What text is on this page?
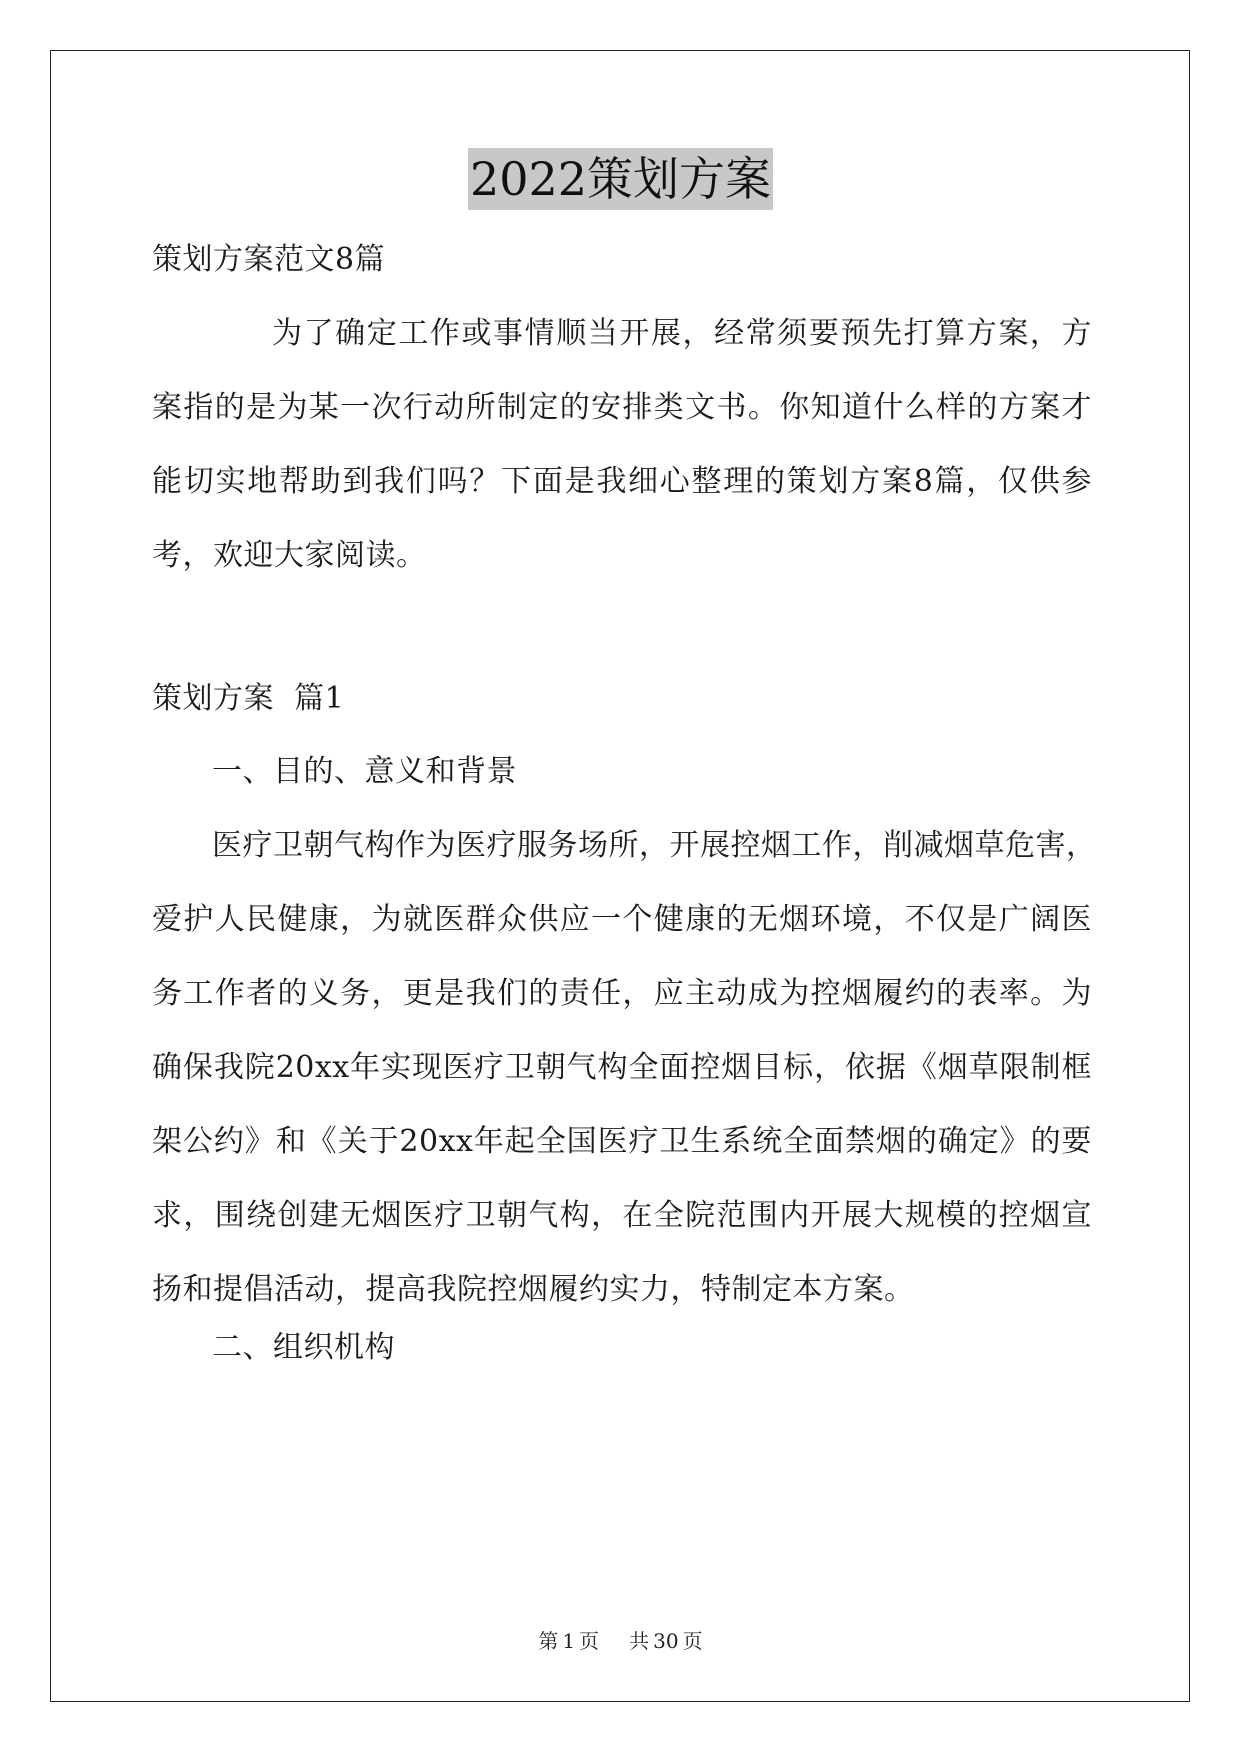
2022策划方案
策划方案范文8篇
为了确定工作或事情顺当开展，经常须要预先打算方案，方
案指的是为某一次行动所制定的安排类文书。你知道什么样的方案才
能切实地帮助到我们吗？下面是我细心整理的策划方案8篇，仅供参
考，欢迎大家阅读。
策划方案  篇1
一、目的、意义和背景
医疗卫朝气构作为医疗服务场所，开展控烟工作，削减烟草危害，
爱护人民健康，为就医群众供应一个健康的无烟环境，不仅是广阔医
务工作者的义务，更是我们的责任，应主动成为控烟履约的表率。为
确保我院20xx年实现医疗卫朝气构全面控烟目标，依据《烟草限制框
架公约》和《关于20xx年起全国医疗卫生系统全面禁烟的确定》的要
求，围绕创建无烟医疗卫朝气构，在全院范围内开展大规模的控烟宣
扬和提倡活动，提高我院控烟履约实力，特制定本方案。
二、组织机构
第 1 页 共 30 页
